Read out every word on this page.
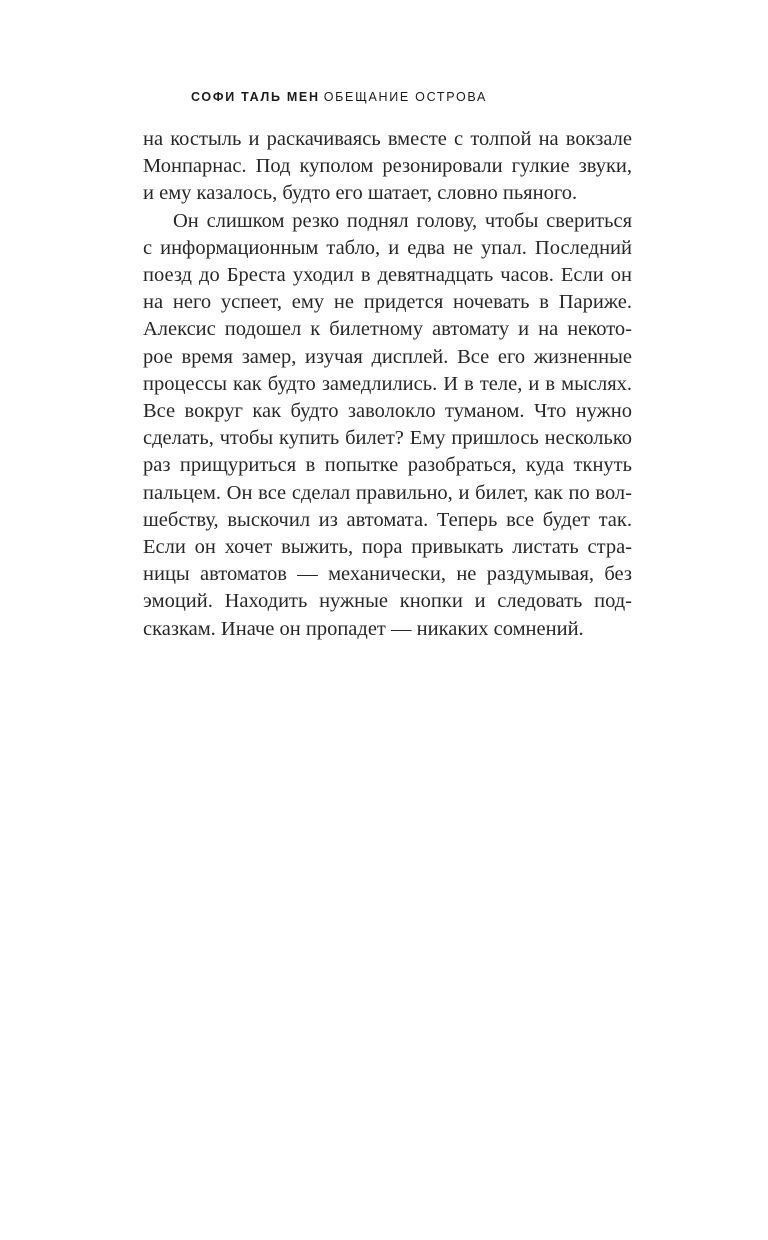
СОФИ ТАЛЬ МЕН ОБЕЩАНИЕ ОСТРОВА
на костыль и раскачиваясь вместе с толпой на вокзале
Монпарнас. Под куполом резонировали гулкие звуки,
и ему казалось, будто его шатает, словно пьяного.
Он слишком резко поднял голову, чтобы свериться
с информационным табло, и едва не упал. Последний
поезд до Бреста уходил в девятнадцать часов. Если он
на него успеет, ему не придется ночевать в Париже.
Алексис подошел к билетному автомату и на некото-
рое время замер, изучая дисплей. Все его жизненные
процессы как будто замедлились. И в теле, и в мыслях.
Все вокруг как будто заволокло туманом. Что нужно
сделать, чтобы купить билет? Ему пришлось несколько
раз прищуриться в попытке разобраться, куда ткнуть
пальцем. Он все сделал правильно, и билет, как по вол-
шебству, выскочил из автомата. Теперь все будет так.
Если он хочет выжить, пора привыкать листать стра-
ницы автоматов — механически, не раздумывая, без
эмоций. Находить нужные кнопки и следовать под-
сказкам. Иначе он пропадет — никаких сомнений.
